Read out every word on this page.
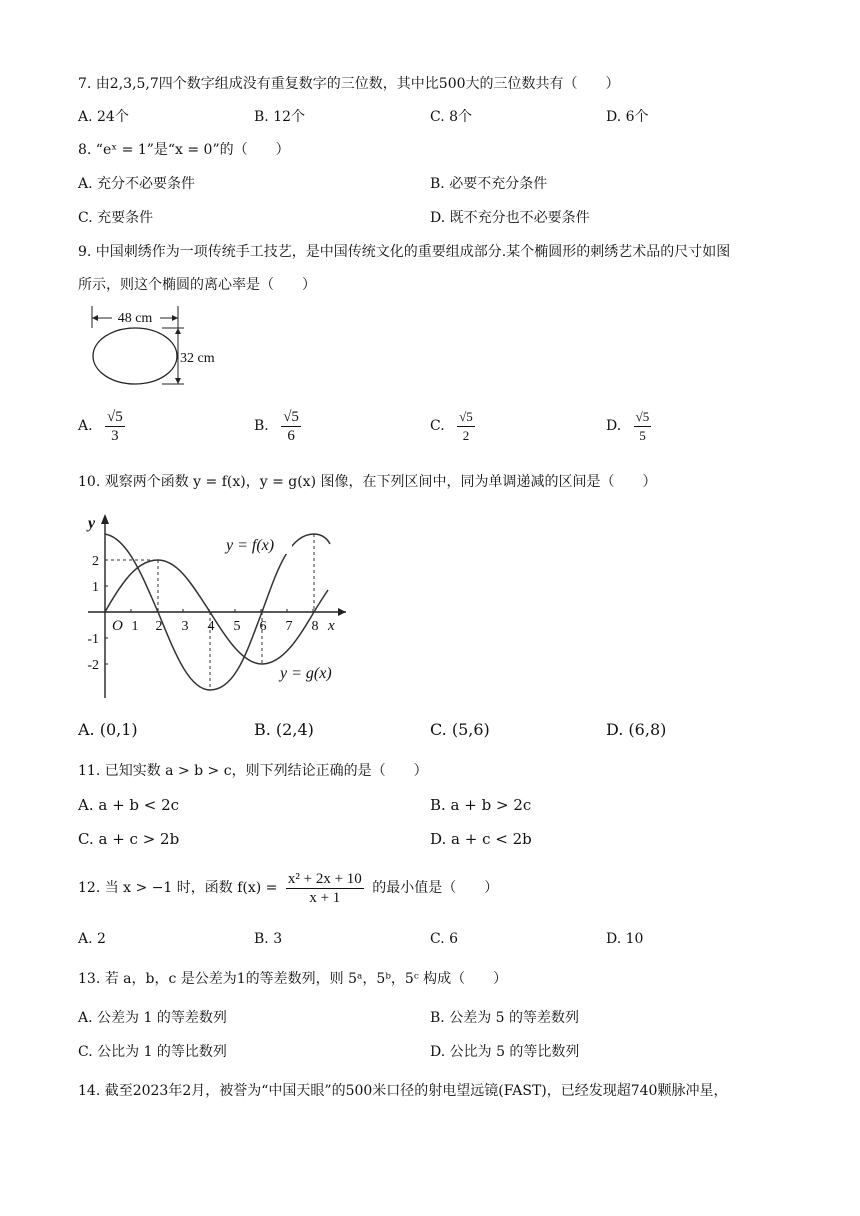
7. 由2,3,5,7四个数字组成没有重复数字的三位数，其中比500大的三位数共有（　　）
A. 24个	B. 12个	C. 8个	D. 6个
8. “eˣ = 1”是“x = 0”的（　　）
A. 充分不必要条件	B. 必要不充分条件
C. 充要条件	D. 既不充分也不必要条件
9. 中国刺绣作为一项传统手工技艺，是中国传统文化的重要组成部分.某个椭圆形的刺绣艺术品的尺寸如图
所示，则这个椭圆的离心率是（　　）
48 cm
32 cm
A. $\frac{√5}{3}$	B. $\frac{√5}{6}$	C. $\frac{√5}{2}$	D. $\frac{√5}{5}$
10. 观察两个函数 y = f(x)，y = g(x) 图像，在下列区间中，同为单调递减的区间是（　　）
y
x
O 1 2 3 4 5 6 7 8
2
1
-1
-2
y = f(x)
y = g(x)
A. (0,1)	B. (2,4)	C. (5,6)	D. (6,8)
11. 已知实数 a > b > c，则下列结论正确的是（　　）
A. a + b < 2c	B. a + b > 2c
C. a + c > 2b	D. a + c < 2b
12. 当 x > −1 时，函数 $f(x) = \frac{\text{x² + 2x + 10}}{x + 1}$ 的最小值是（　　）
A. 2	B. 3	C. 6	D. 10
13. 若 a，b，c 是公差为1的等差数列，则 5ᵃ，5ᵇ，5ᶜ 构成（　　）
A. 公差为 1 的等差数列	B. 公差为 5 的等差数列
C. 公比为 1 的等比数列	D. 公比为 5 的等比数列
14. 截至2023年2月，被誉为“中国天眼”的500米口径的射电望远镜(FAST)，已经发现超740颗脉冲星，
